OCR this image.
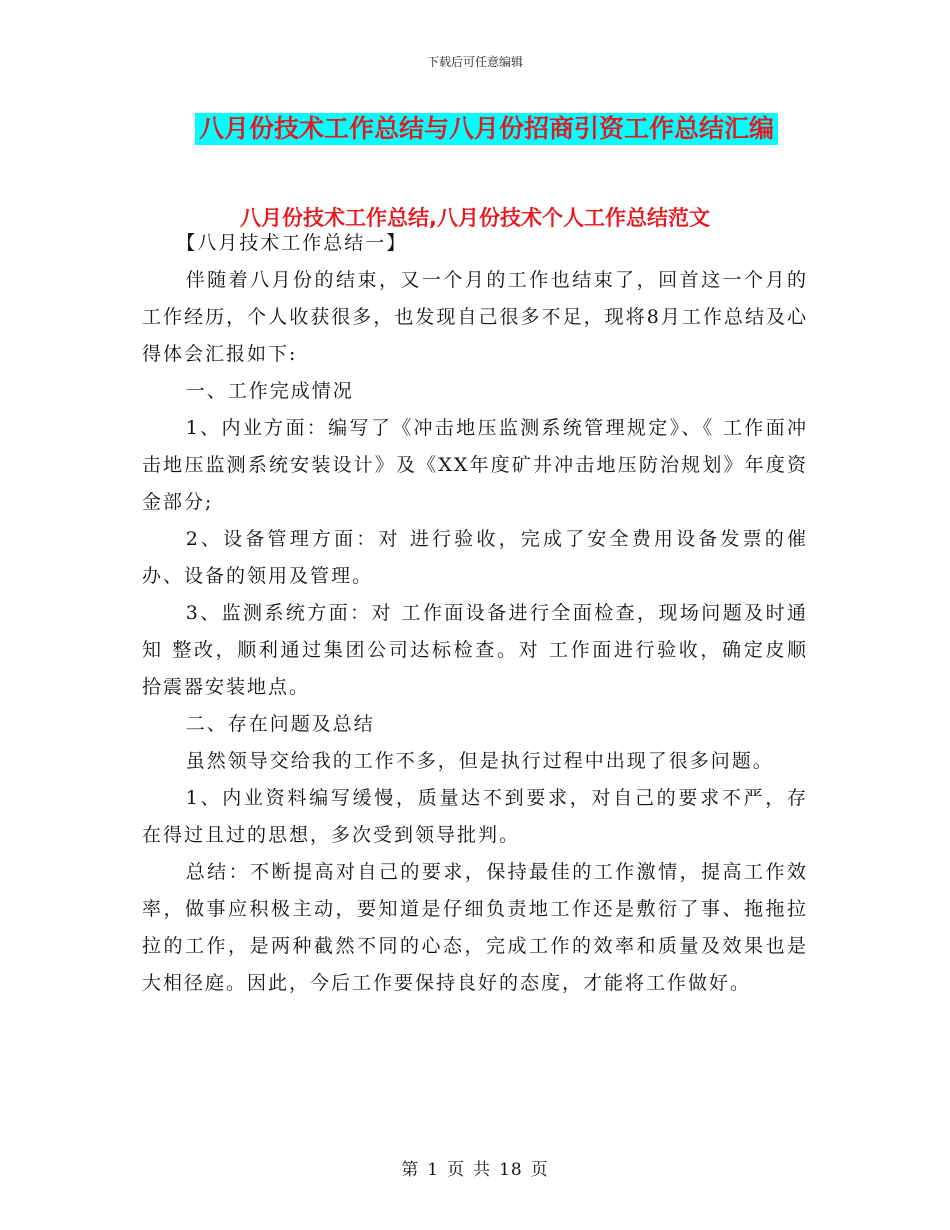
下载后可任意编辑
八月份技术工作总结与八月份招商引资工作总结汇编
八月份技术工作总结,八月份技术个人工作总结范文

【八月技术工作总结一】

伴随着八月份的结束，又一个月的工作也结束了，回首这一个月的工作经历，个人收获很多，也发现自己很多不足，现将8月工作总结及心得体会汇报如下:

一、工作完成情况

1、内业方面：编写了《冲击地压监测系统管理规定》、《 工作面冲击地压监测系统安装设计》及《XX年度矿井冲击地压防治规划》年度资金部分;

2、设备管理方面：对 进行验收，完成了安全费用设备发票的催办、设备的领用及管理。

3、监测系统方面：对 工作面设备进行全面检查，现场问题及时通知 整改，顺利通过集团公司达标检查。对 工作面进行验收，确定皮顺拾震器安装地点。

二、存在问题及总结

虽然领导交给我的工作不多，但是执行过程中出现了很多问题。

1、内业资料编写缓慢，质量达不到要求，对自己的要求不严，存在得过且过的思想，多次受到领导批判。

总结：不断提高对自己的要求，保持最佳的工作激情，提高工作效率，做事应积极主动，要知道是仔细负责地工作还是敷衍了事、拖拖拉拉的工作，是两种截然不同的心态，完成工作的效率和质量及效果也是大相径庭。因此，今后工作要保持良好的态度，才能将工作做好。

第 1 页 共 18 页
